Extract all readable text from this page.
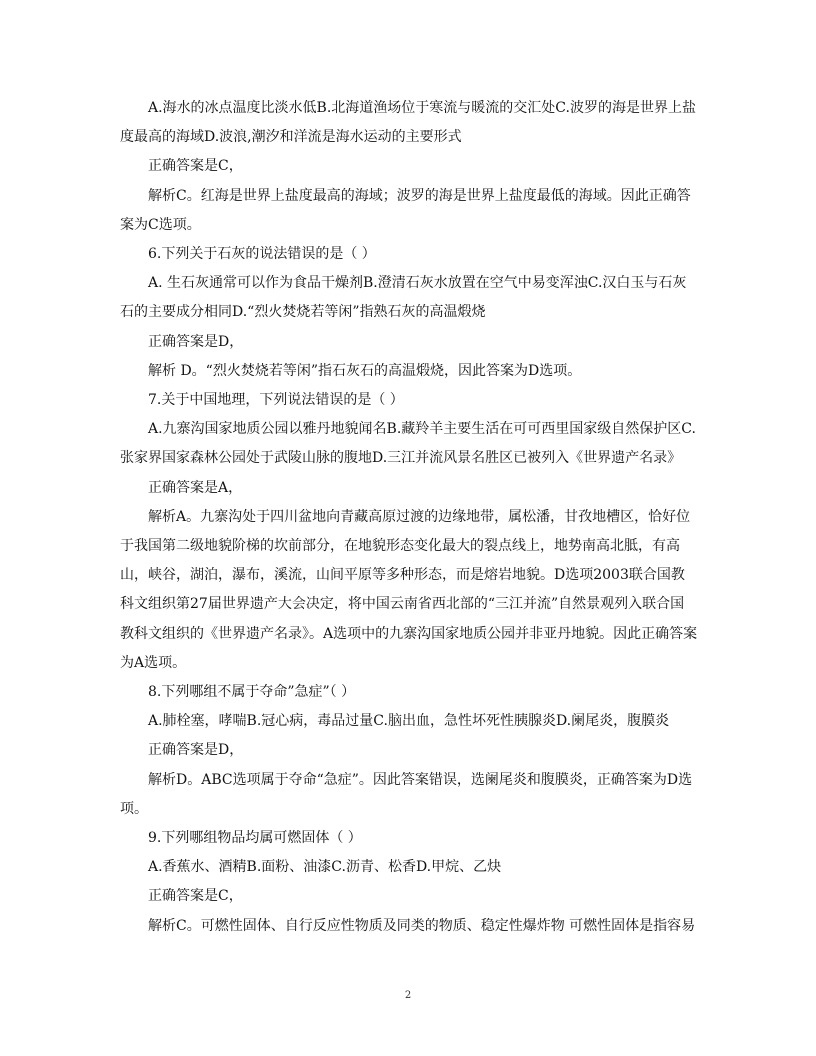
A.海水的冰点温度比淡水低B.北海道渔场位于寒流与暖流的交汇处C.波罗的海是世界上盐度最高的海域D.波浪,潮汐和洋流是海水运动的主要形式

正确答案是C，

解析C。红海是世界上盐度最高的海域；波罗的海是世界上盐度最低的海域。因此正确答案为C选项。

6.下列关于石灰的说法错误的是（ ）

A. 生石灰通常可以作为食品干燥剂B.澄清石灰水放置在空气中易变浑浊C.汉白玉与石灰石的主要成分相同D.“烈火焚烧若等闲”指熟石灰的高温煅烧

正确答案是D，

解析 D。“烈火焚烧若等闲”指石灰石的高温煅烧，因此答案为D选项。

7.关于中国地理，下列说法错误的是（ ）

A.九寨沟国家地质公园以雅丹地貌闻名B.藏羚羊主要生活在可可西里国家级自然保护区C.张家界国家森林公园处于武陵山脉的腹地D.三江并流风景名胜区已被列入《世界遗产名录》

正确答案是A，

解析A。九寨沟处于四川盆地向青藏高原过渡的边缘地带，属松潘，甘孜地槽区，恰好位于我国第二级地貌阶梯的坎前部分，在地貌形态变化最大的裂点线上，地势南高北胝，有高山，峡谷，湖泊，瀑布，溪流，山间平原等多种形态，而是熔岩地貌。D选项2003联合国教科文组织第27届世界遗产大会决定，将中国云南省西北部的“三江并流”自然景观列入联合国教科文组织的《世界遗产名录》。A选项中的九寨沟国家地质公园并非亚丹地貌。因此正确答案为A选项。

8.下列哪组不属于夺命”急症”（ ）

A.肺栓塞，哮喘B.冠心病，毒品过量C.脑出血，急性坏死性胰腺炎D.阑尾炎，腹膜炎

正确答案是D，

解析D。ABC选项属于夺命“急症”。因此答案错误，选阑尾炎和腹膜炎，正确答案为D选项。

9.下列哪组物品均属可燃固体（ ）

A.香蕉水、酒精B.面粉、油漆C.沥青、松香D.甲烷、乙炔

正确答案是C，

解析C。可燃性固体、自行反应性物质及同类的物质、稳定性爆炸物 可燃性固体是指容易

2
